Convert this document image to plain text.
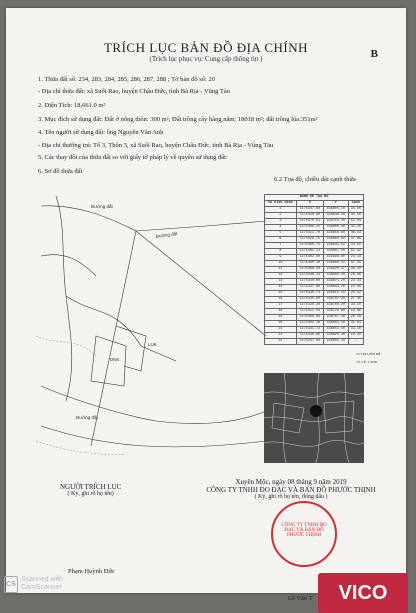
B
TRÍCH LỤC BẢN ĐỒ ĐỊA CHÍNH
(Trích lục phục vụ: Cung cấp thông tin )
1. Thửa đất số: 234, 283, 284, 285, 286, 287, 288 ; Tờ bản đồ số: 20
- Địa chỉ thửa đất: xã Suối Rao, huyện Châu Đức, tỉnh Bà Rịa - Vũng Tàu
2. Diện Tích: 18,661.0 m²
3. Mục đích sử dụng đất: Đất ở nông thôn: 300 m²; Đất trồng cây hàng năm: 18018 m²; đất trồng lúa:351m²
4. Tên người sử dụng đất: ông Nguyễn Văn Anh
- Địa chỉ thường trú: Tổ 3, Thôn 3, xã Suối Rao, huyện Châu Đức, tỉnh Bà Rịa - Vũng Tàu
5. Các thay đổi của thửa đất so với giấy tờ pháp lý về quyền sử dụng đất:
6. Sơ đồ thửa đất
6.2 Tọa độ, chiều dài cạnh thửa
Đường đất
Đường đất
Đường đất
DNK
LUK
BẢNG KÊ TỌA ĐỘ			
Số hiệu điểm	X	Y	Cạnh
1	1175347.60	436605.10	34.00
2	1175358.90	436648.20	35.58
3	1175370.61	436715.30	52.04
4	1175399.25	436800.40	42.20
5	1175411.70	436850.90	48.13
6	1175428.75	436884.62	37.86
7	1175460.75	436941.52	33.61
8	1175481.11	436987.50	51.42
9	1175402.80	436998.80	24.18
10	1175380.10	436960.31	47.35
11	1175366.50	436920.47	36.20
12	1175348.41	436895.20	26.86
13	1175340.00	436871.20	23.44
14	1175337.90	436843.20	22.68
15	1175330.74	436815.15	28.92
16	1175325.60	436787.20	27.35
17	1175320.30	436760.20	34.10
18	1175311.54	436726.60	19.80
19	1175306.66	436707.46	26.18
20	1175302.18	436683.10	41.64
21	1175331.72	436654.10	33.10
22	1175340.80	436620.40	16.29
23	1175347.60	436605.10	--
VỊ TRÍ LIÊN HỆ
TỶ LỆ: 1/2000
NGƯỜI TRÍCH LỤC
( Ký, ghi rõ họ tên)
Xuyên Mộc, ngày 08 tháng 9 năm 2019
CÔNG TY TNHH ĐO ĐẠC VÀ BẢN ĐỒ PHƯỚC THỊNH
( Ký, ghi rõ họ tên, đóng dấu )
CÔNG TY TNHH ĐO ĐẠC VÀ BẢN ĐỒ PHƯỚC THỊNH
Phạm Huỳnh Đức
Lê Văn T
CS
Scanned with
CamScanner	VICO
